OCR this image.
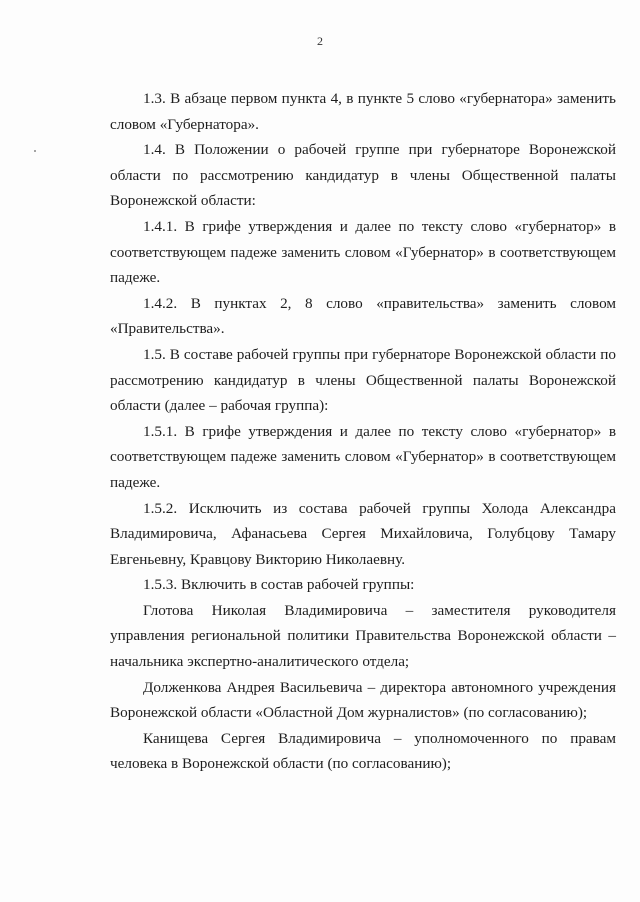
2

1.3. В абзаце первом пункта 4, в пункте 5 слово «губернатора» заменить словом «Губернатора».

1.4. В Положении о рабочей группе при губернаторе Воронежской области по рассмотрению кандидатур в члены Общественной палаты Воронежской области:

1.4.1. В грифе утверждения и далее по тексту слово «губернатор» в соответствующем падеже заменить словом «Губернатор» в соответствующем падеже.

1.4.2. В пунктах 2, 8 слово «правительства» заменить словом «Правительства».

1.5. В составе рабочей группы при губернаторе Воронежской области по рассмотрению кандидатур в члены Общественной палаты Воронежской области (далее – рабочая группа):

1.5.1. В грифе утверждения и далее по тексту слово «губернатор» в соответствующем падеже заменить словом «Губернатор» в соответствующем падеже.

1.5.2. Исключить из состава рабочей группы Холода Александра Владимировича, Афанасьева Сергея Михайловича, Голубцову Тамару Евгеньевну, Кравцову Викторию Николаевну.

1.5.3. Включить в состав рабочей группы:

Глотова Николая Владимировича – заместителя руководителя управления региональной политики Правительства Воронежской области – начальника экспертно-аналитического отдела;

Долженкова Андрея Васильевича – директора автономного учреждения Воронежской области «Областной Дом журналистов» (по согласованию);

Канищева Сергея Владимировича – уполномоченного по правам человека в Воронежской области (по согласованию);
